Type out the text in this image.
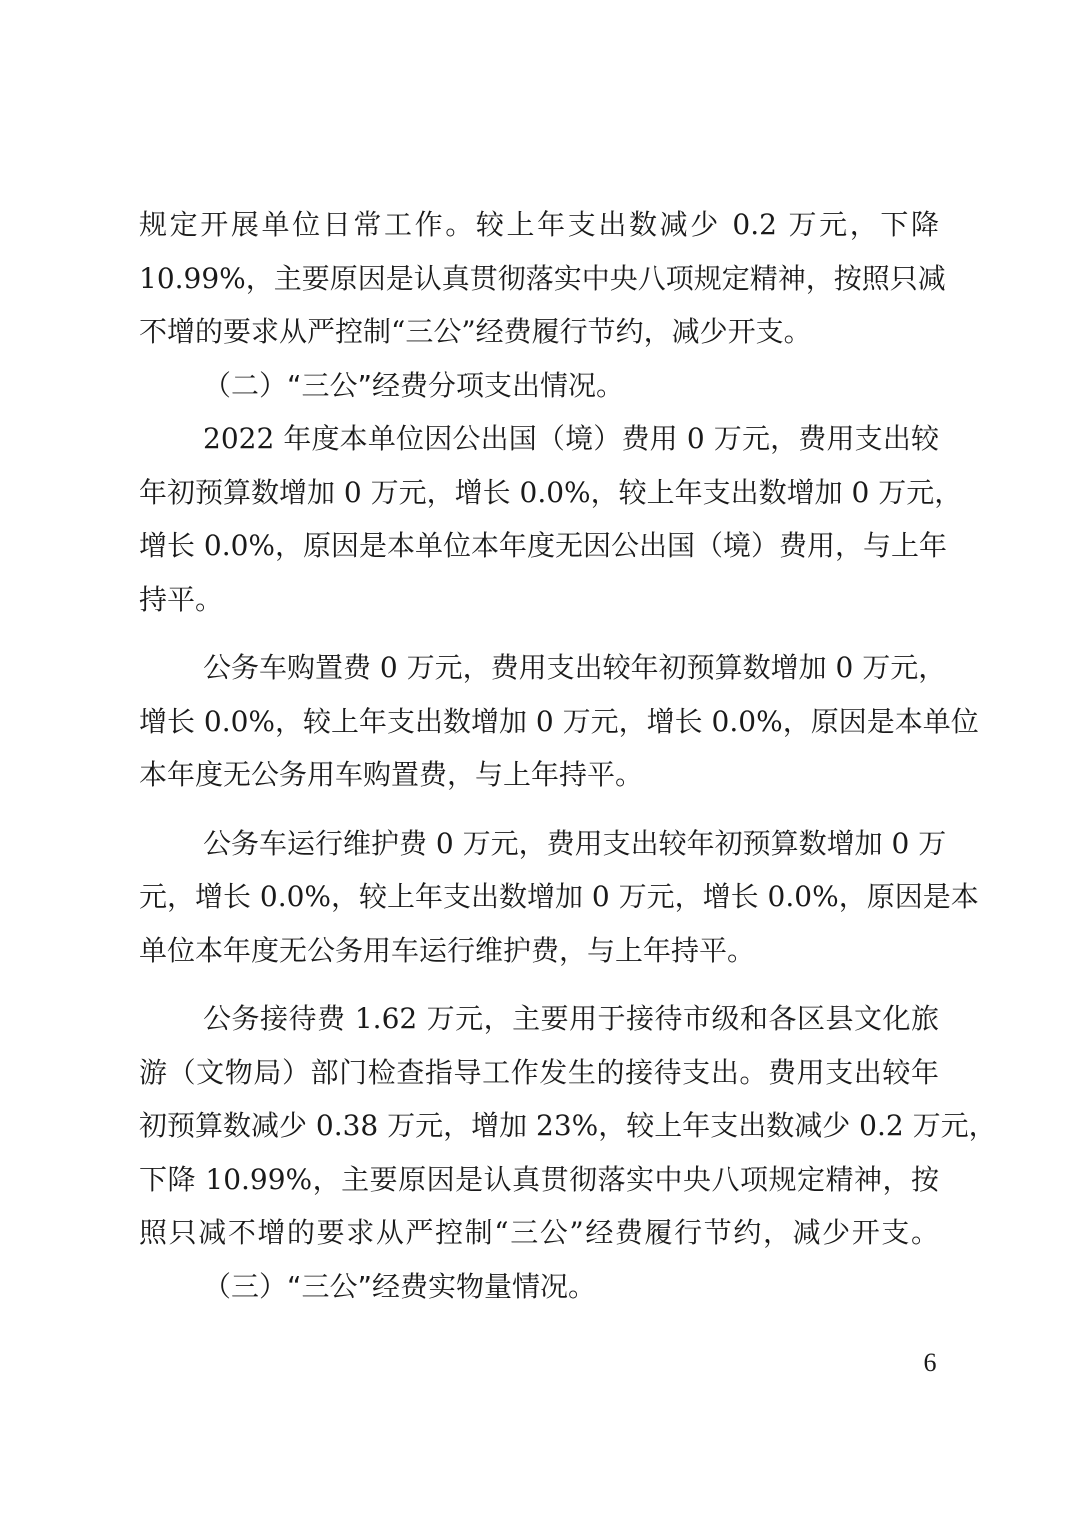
规定开展单位日常工作。较上年支出数减少 0.2 万元，下降
10.99%，主要原因是认真贯彻落实中央八项规定精神，按照只减
不增的要求从严控制“三公”经费履行节约，减少开支。
（二）“三公”经费分项支出情况。
2022 年度本单位因公出国（境）费用 0 万元，费用支出较
年初预算数增加 0 万元，增长 0.0%，较上年支出数增加 0 万元，
增长 0.0%，原因是本单位本年度无因公出国（境）费用，与上年
持平。
公务车购置费 0 万元，费用支出较年初预算数增加 0 万元，
增长 0.0%，较上年支出数增加 0 万元，增长 0.0%，原因是本单位
本年度无公务用车购置费，与上年持平。
公务车运行维护费 0 万元，费用支出较年初预算数增加 0 万
元，增长 0.0%，较上年支出数增加 0 万元，增长 0.0%，原因是本
单位本年度无公务用车运行维护费，与上年持平。
公务接待费 1.62 万元，主要用于接待市级和各区县文化旅
游（文物局）部门检查指导工作发生的接待支出。费用支出较年
初预算数减少 0.38 万元，增加 23%，较上年支出数减少 0.2 万元，
下降 10.99%，主要原因是认真贯彻落实中央八项规定精神，按
照只减不增的要求从严控制“三公”经费履行节约，减少开支。
（三）“三公”经费实物量情况。
6
